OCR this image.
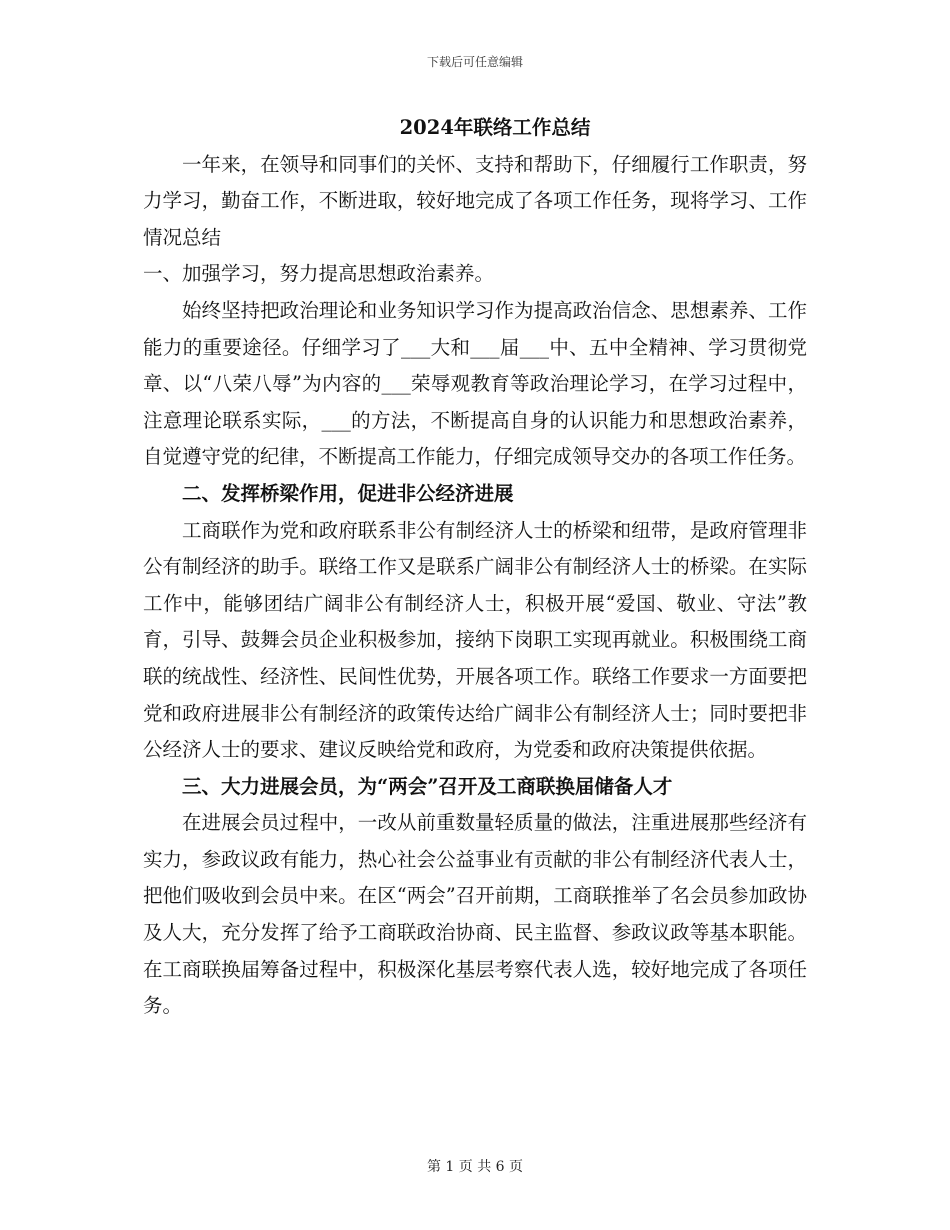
下载后可任意编辑
2024年联络工作总结

一年来，在领导和同事们的关怀、支持和帮助下，仔细履行工作职责，努力学习，勤奋工作，不断进取，较好地完成了各项工作任务，现将学习、工作情况总结

一、加强学习，努力提高思想政治素养。

始终坚持把政治理论和业务知识学习作为提高政治信念、思想素养、工作能力的重要途径。仔细学习了___大和___届___中、五中全精神、学习贯彻党章、以“八荣八辱”为内容的___荣辱观教育等政治理论学习，在学习过程中，注意理论联系实际，___的方法，不断提高自身的认识能力和思想政治素养，自觉遵守党的纪律，不断提高工作能力，仔细完成领导交办的各项工作任务。

二、发挥桥梁作用，促进非公经济进展

工商联作为党和政府联系非公有制经济人士的桥梁和纽带，是政府管理非公有制经济的助手。联络工作又是联系广阔非公有制经济人士的桥梁。在实际工作中，能够团结广阔非公有制经济人士，积极开展“爱国、敬业、守法”教育，引导、鼓舞会员企业积极参加，接纳下岗职工实现再就业。积极围绕工商联的统战性、经济性、民间性优势，开展各项工作。联络工作要求一方面要把党和政府进展非公有制经济的政策传达给广阔非公有制经济人士；同时要把非公经济人士的要求、建议反映给党和政府，为党委和政府决策提供依据。

三、大力进展会员，为“两会”召开及工商联换届储备人才

在进展会员过程中，一改从前重数量轻质量的做法，注重进展那些经济有实力，参政议政有能力，热心社会公益事业有贡献的非公有制经济代表人士，把他们吸收到会员中来。在区“两会”召开前期，工商联推举了名会员参加政协及人大，充分发挥了给予工商联政治协商、民主监督、参政议政等基本职能。在工商联换届筹备过程中，积极深化基层考察代表人选，较好地完成了各项任务。

第 1 页 共 6 页
